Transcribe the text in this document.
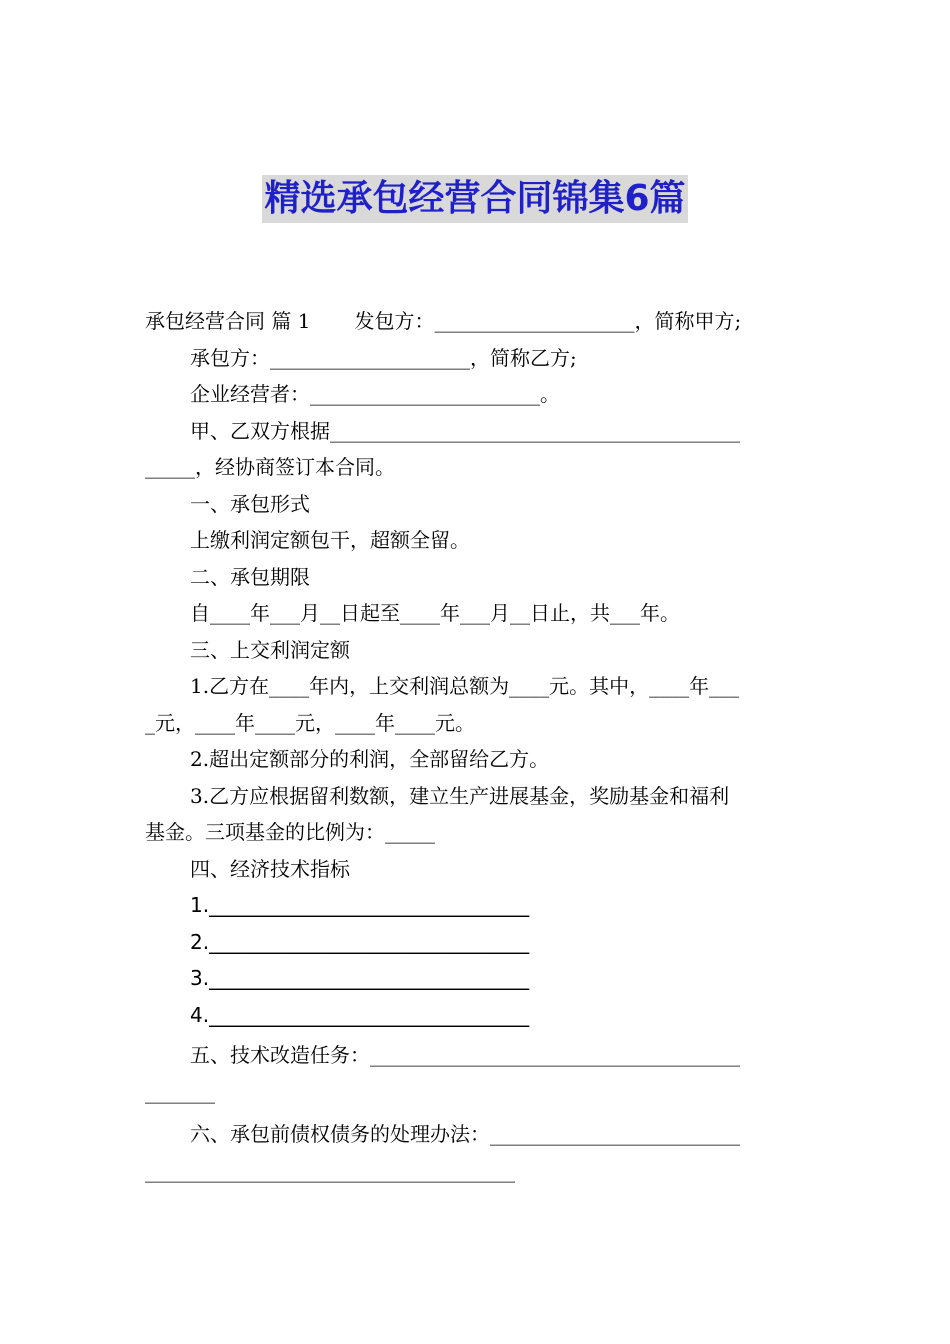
精选承包经营合同锦集6篇

承包经营合同 篇 1 发包方：____________________，简称甲方;

承包方：____________________，简称乙方;

企业经营者：_______________________。

甲、乙双方根据_________________________________________

_____，经协商签订本合同。

一、承包形式

上缴利润定额包干，超额全留。

二、承包期限

自____年___月__日起至____年___月__日止，共___年。

三、上交利润定额

1.乙方在____年内，上交利润总额为____元。其中，____年___

_元，____年____元，____年____元。

2.超出定额部分的利润，全部留给乙方。

3.乙方应根据留利数额，建立生产进展基金，奖励基金和福利

基金。三项基金的比例为：_____

四、经济技术指标

1.________________________________

2.________________________________

3.________________________________

4.________________________________

五、技术改造任务：_____________________________________

_______

六、承包前债权债务的处理办法：_________________________

_____________________________________
